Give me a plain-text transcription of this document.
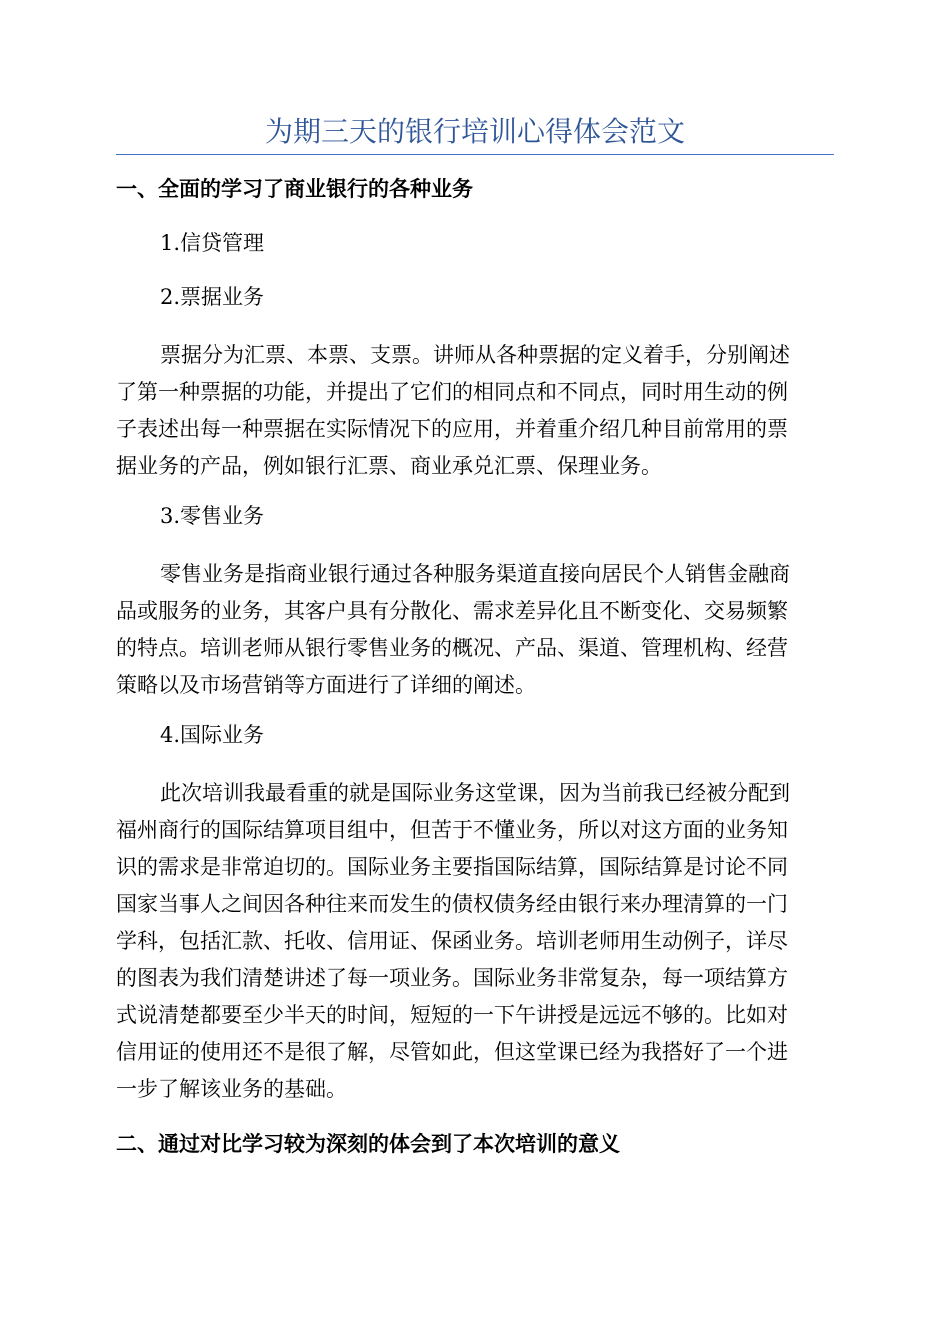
为期三天的银行培训心得体会范文

一、全面的学习了商业银行的各种业务

1.信贷管理

2.票据业务

票据分为汇票、本票、支票。讲师从各种票据的定义着手，分别阐述
了第一种票据的功能，并提出了它们的相同点和不同点，同时用生动的例
子表述出每一种票据在实际情况下的应用，并着重介绍几种目前常用的票
据业务的产品，例如银行汇票、商业承兑汇票、保理业务。

3.零售业务

零售业务是指商业银行通过各种服务渠道直接向居民个人销售金融商
品或服务的业务，其客户具有分散化、需求差异化且不断变化、交易频繁
的特点。培训老师从银行零售业务的概况、产品、渠道、管理机构、经营
策略以及市场营销等方面进行了详细的阐述。

4.国际业务

此次培训我最看重的就是国际业务这堂课，因为当前我已经被分配到
福州商行的国际结算项目组中，但苦于不懂业务，所以对这方面的业务知
识的需求是非常迫切的。国际业务主要指国际结算，国际结算是讨论不同
国家当事人之间因各种往来而发生的债权债务经由银行来办理清算的一门
学科，包括汇款、托收、信用证、保函业务。培训老师用生动例子，详尽
的图表为我们清楚讲述了每一项业务。国际业务非常复杂，每一项结算方
式说清楚都要至少半天的时间，短短的一下午讲授是远远不够的。比如对
信用证的使用还不是很了解，尽管如此，但这堂课已经为我搭好了一个进
一步了解该业务的基础。

二、通过对比学习较为深刻的体会到了本次培训的意义
